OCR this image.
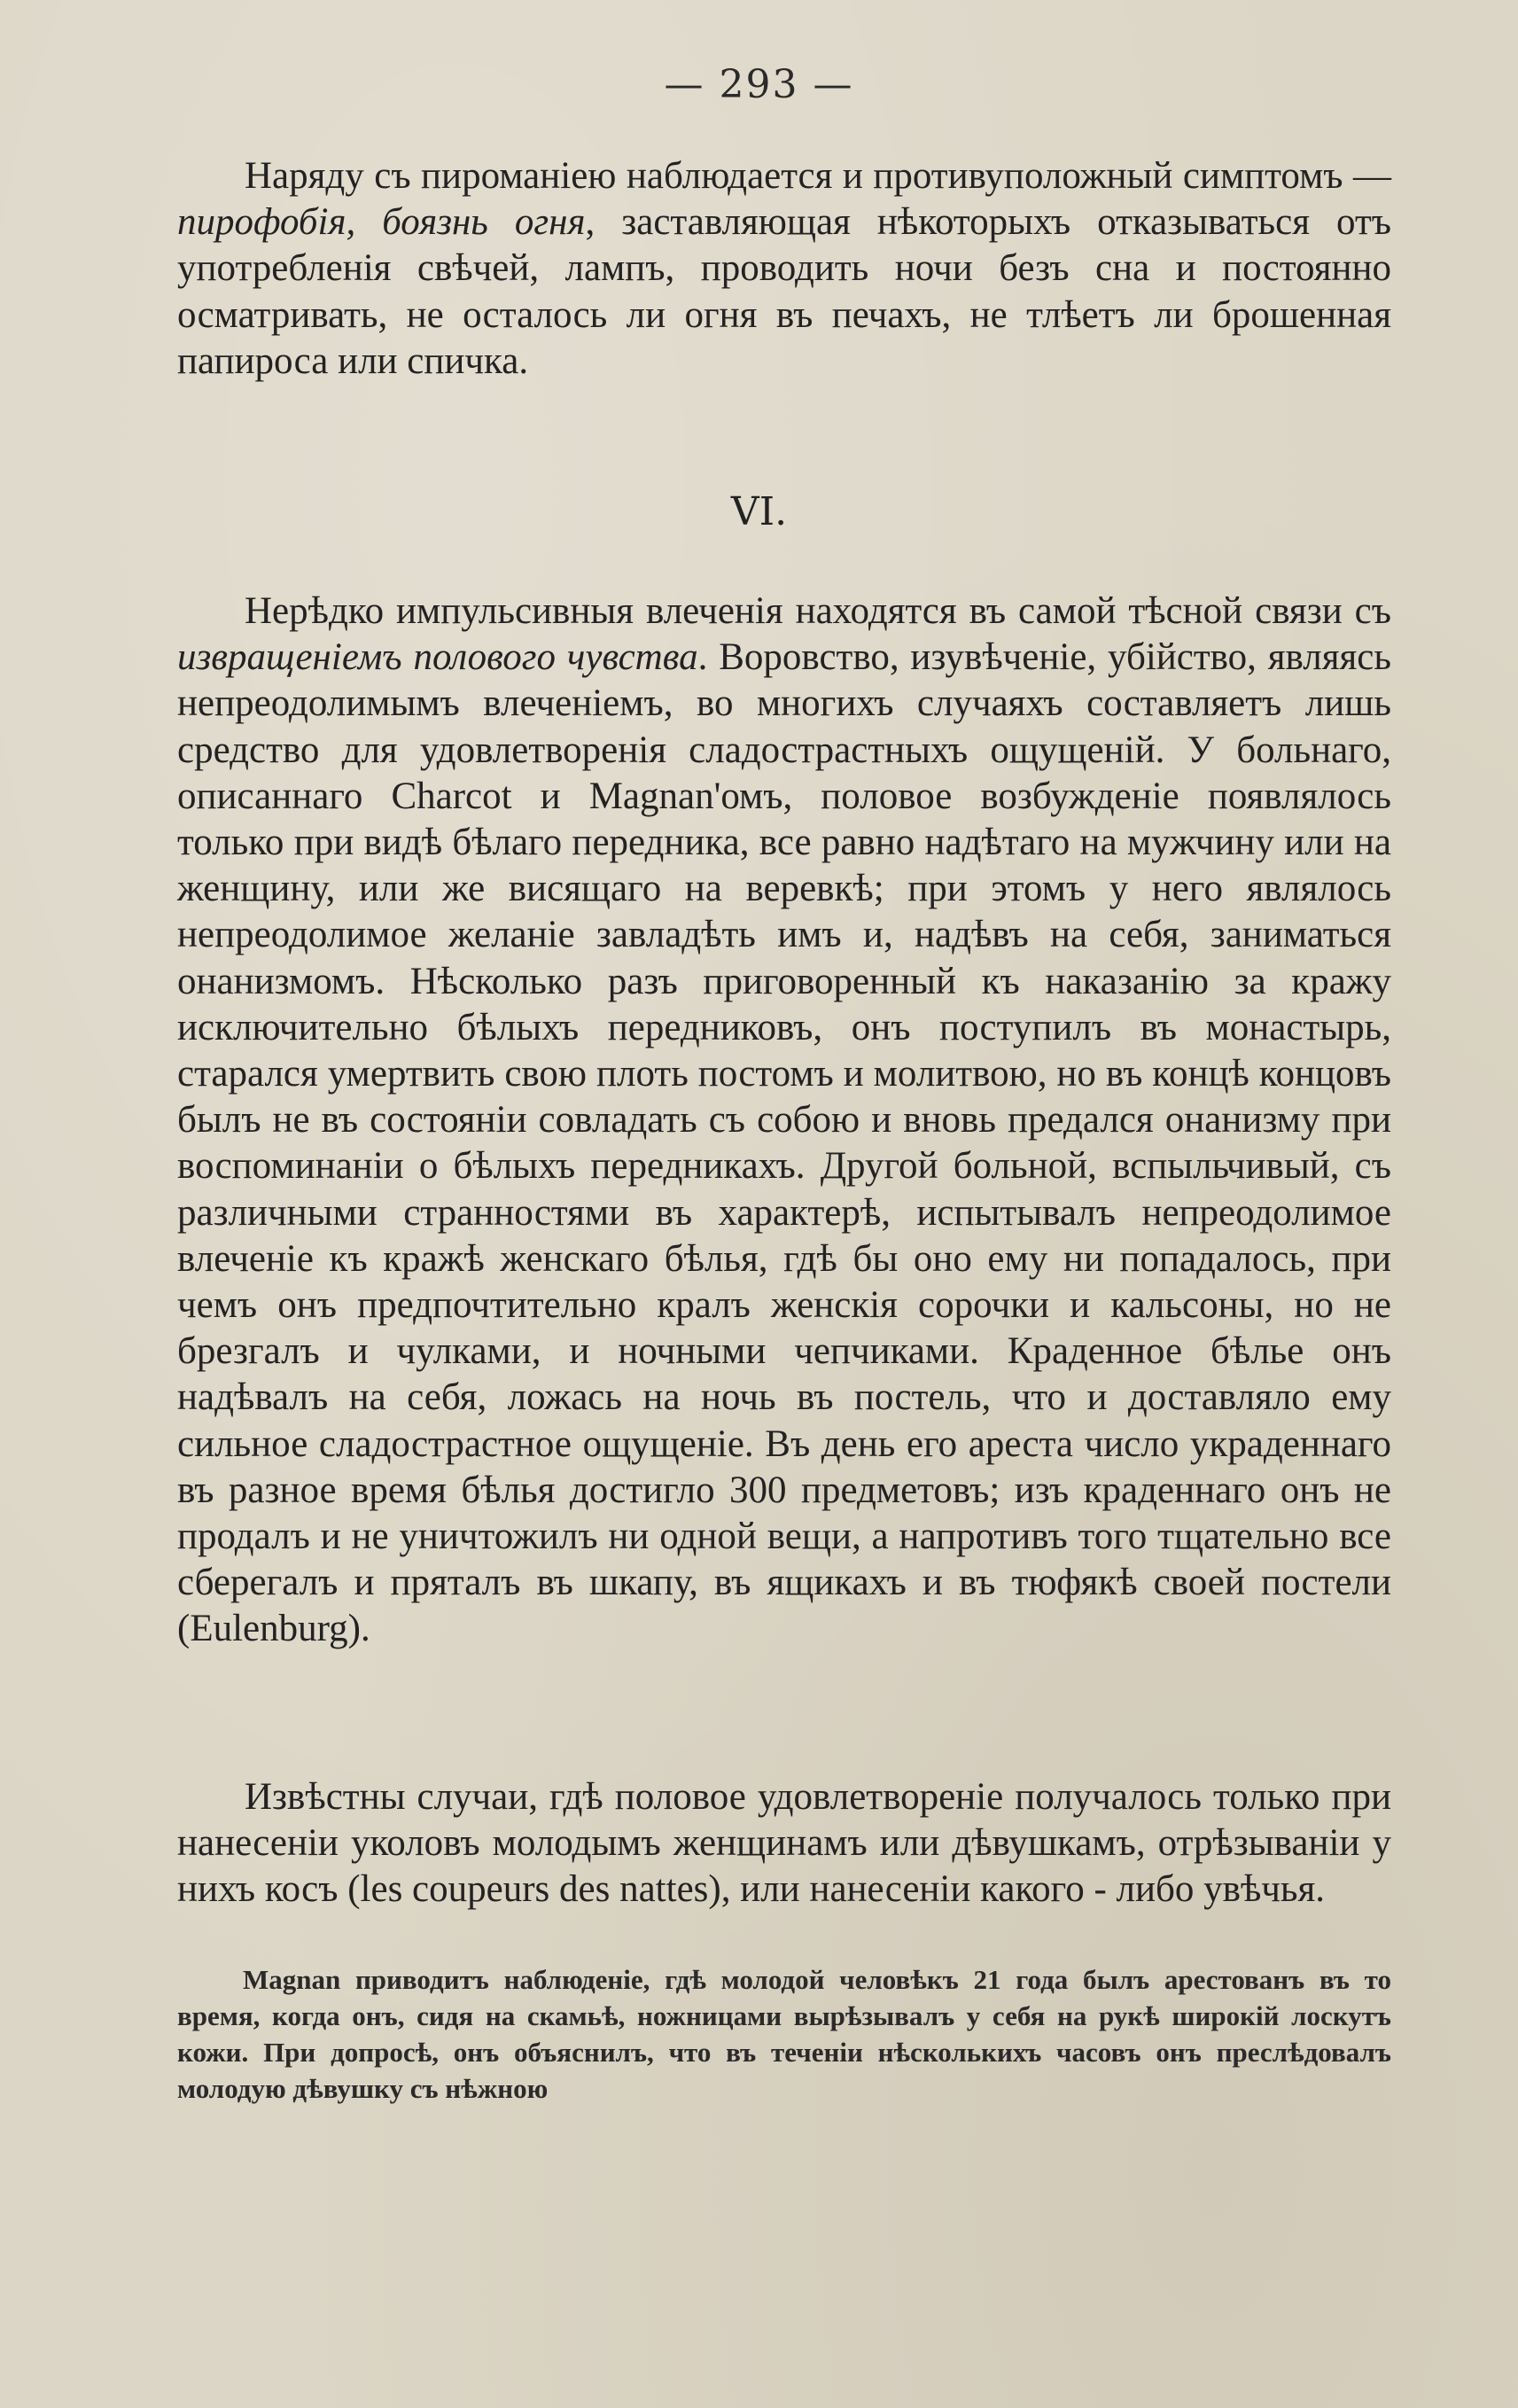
— 293 —

Наряду съ пироманіею наблюдается и противуположный симптомъ — пирофобія, боязнь огня, заставляющая нѣкоторыхъ отказываться отъ употребленія свѣчей, лампъ, проводить ночи безъ сна и постоянно осматривать, не осталось ли огня въ печахъ, не тлѣетъ ли брошенная папироса или спичка.

VI.

Нерѣдко импульсивныя влеченія находятся въ самой тѣсной связи съ извращеніемъ полового чувства. Воровство, изувѣченіе, убійство, являясь непреодолимымъ влеченіемъ, во многихъ случаяхъ составляетъ лишь средство для удовлетворенія сладострастныхъ ощущеній. У больнаго, описаннаго Charcot и Magnan'омъ, половое возбужденіе появлялось только при видѣ бѣлаго передника, все равно надѣтаго на мужчину или на женщину, или же висящаго на веревкѣ; при этомъ у него являлось непреодолимое желаніе завладѣть имъ и, надѣвъ на себя, заниматься онанизмомъ. Нѣсколько разъ приговоренный къ наказанію за кражу исключительно бѣлыхъ передниковъ, онъ поступилъ въ монастырь, старался умертвить свою плоть постомъ и молитвою, но въ концѣ концовъ былъ не въ состояніи совладать съ собою и вновь предался онанизму при воспоминаніи о бѣлыхъ передникахъ. Другой больной, вспыльчивый, съ различными странностями въ характерѣ, испытывалъ непреодолимое влеченіе къ кражѣ женскаго бѣлья, гдѣ бы оно ему ни попадалось, при чемъ онъ предпочтительно кралъ женскія сорочки и кальсоны, но не брезгалъ и чулками, и ночными чепчиками. Краденное бѣлье онъ надѣвалъ на себя, ложась на ночь въ постель, что и доставляло ему сильное сладострастное ощущеніе. Въ день его ареста число украденнаго въ разное время бѣлья достигло 300 предметовъ; изъ краденнаго онъ не продалъ и не уничтожилъ ни одной вещи, а напротивъ того тщательно все сберегалъ и пряталъ въ шкапу, въ ящикахъ и въ тюфякѣ своей постели (Eulenburg).

Извѣстны случаи, гдѣ половое удовлетвореніе получалось только при нанесеніи уколовъ молодымъ женщинамъ или дѣвушкамъ, отрѣзываніи у нихъ косъ (les coupeurs des nattes), или нанесеніи какого - либо увѣчья.

Magnan приводитъ наблюденіе, гдѣ молодой человѣкъ 21 года былъ арестованъ въ то время, когда онъ, сидя на скамьѣ, ножницами вырѣзывалъ у себя на рукѣ широкій лоскутъ кожи. При допросѣ, онъ объяснилъ, что въ теченіи нѣсколькихъ часовъ онъ преслѣдовалъ молодую дѣвушку съ нѣжною
